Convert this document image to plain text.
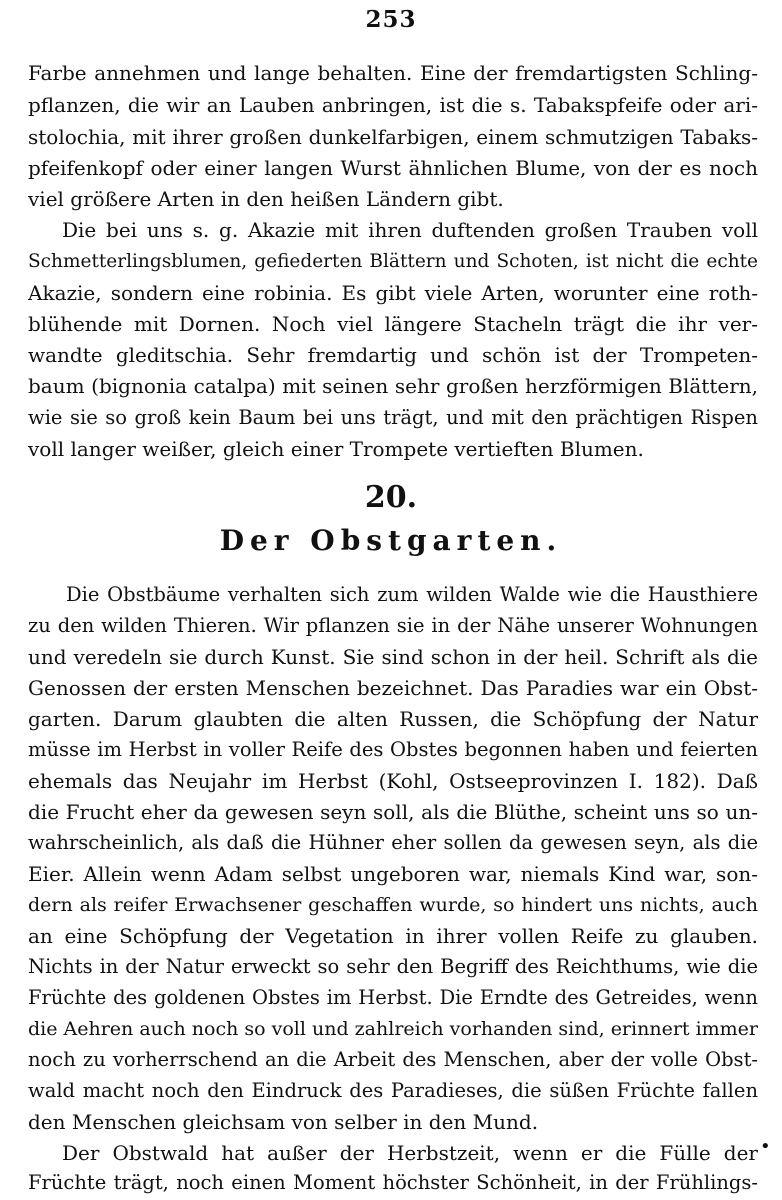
253
Farbe annehmen und lange behalten. Eine der fremdartigsten Schling-
pflanzen, die wir an Lauben anbringen, ist die s. Tabakspfeife oder ari-
stolochia, mit ihrer großen dunkelfarbigen, einem schmutzigen Tabaks-
pfeifenkopf oder einer langen Wurst ähnlichen Blume, von der es noch
viel größere Arten in den heißen Ländern gibt.
Die bei uns s. g. Akazie mit ihren duftenden großen Trauben voll
Schmetterlingsblumen, gefiederten Blättern und Schoten, ist nicht die echte
Akazie, sondern eine robinia. Es gibt viele Arten, worunter eine roth-
blühende mit Dornen. Noch viel längere Stacheln trägt die ihr ver-
wandte gleditschia. Sehr fremdartig und schön ist der Trompeten-
baum (bignonia catalpa) mit seinen sehr großen herzförmigen Blättern,
wie sie so groß kein Baum bei uns trägt, und mit den prächtigen Rispen
voll langer weißer, gleich einer Trompete vertieften Blumen.
20.
Der Obstgarten.
Die Obstbäume verhalten sich zum wilden Walde wie die Hausthiere
zu den wilden Thieren. Wir pflanzen sie in der Nähe unserer Wohnungen
und veredeln sie durch Kunst. Sie sind schon in der heil. Schrift als die
Genossen der ersten Menschen bezeichnet. Das Paradies war ein Obst-
garten. Darum glaubten die alten Russen, die Schöpfung der Natur
müsse im Herbst in voller Reife des Obstes begonnen haben und feierten
ehemals das Neujahr im Herbst (Kohl, Ostseeprovinzen I. 182). Daß
die Frucht eher da gewesen seyn soll, als die Blüthe, scheint uns so un-
wahrscheinlich, als daß die Hühner eher sollen da gewesen seyn, als die
Eier. Allein wenn Adam selbst ungeboren war, niemals Kind war, son-
dern als reifer Erwachsener geschaffen wurde, so hindert uns nichts, auch
an eine Schöpfung der Vegetation in ihrer vollen Reife zu glauben.
Nichts in der Natur erweckt so sehr den Begriff des Reichthums, wie die
Früchte des goldenen Obstes im Herbst. Die Erndte des Getreides, wenn
die Aehren auch noch so voll und zahlreich vorhanden sind, erinnert immer
noch zu vorherrschend an die Arbeit des Menschen, aber der volle Obst-
wald macht noch den Eindruck des Paradieses, die süßen Früchte fallen
den Menschen gleichsam von selber in den Mund.
Der Obstwald hat außer der Herbstzeit, wenn er die Fülle der
Früchte trägt, noch einen Moment höchster Schönheit, in der Frühlings-
•
